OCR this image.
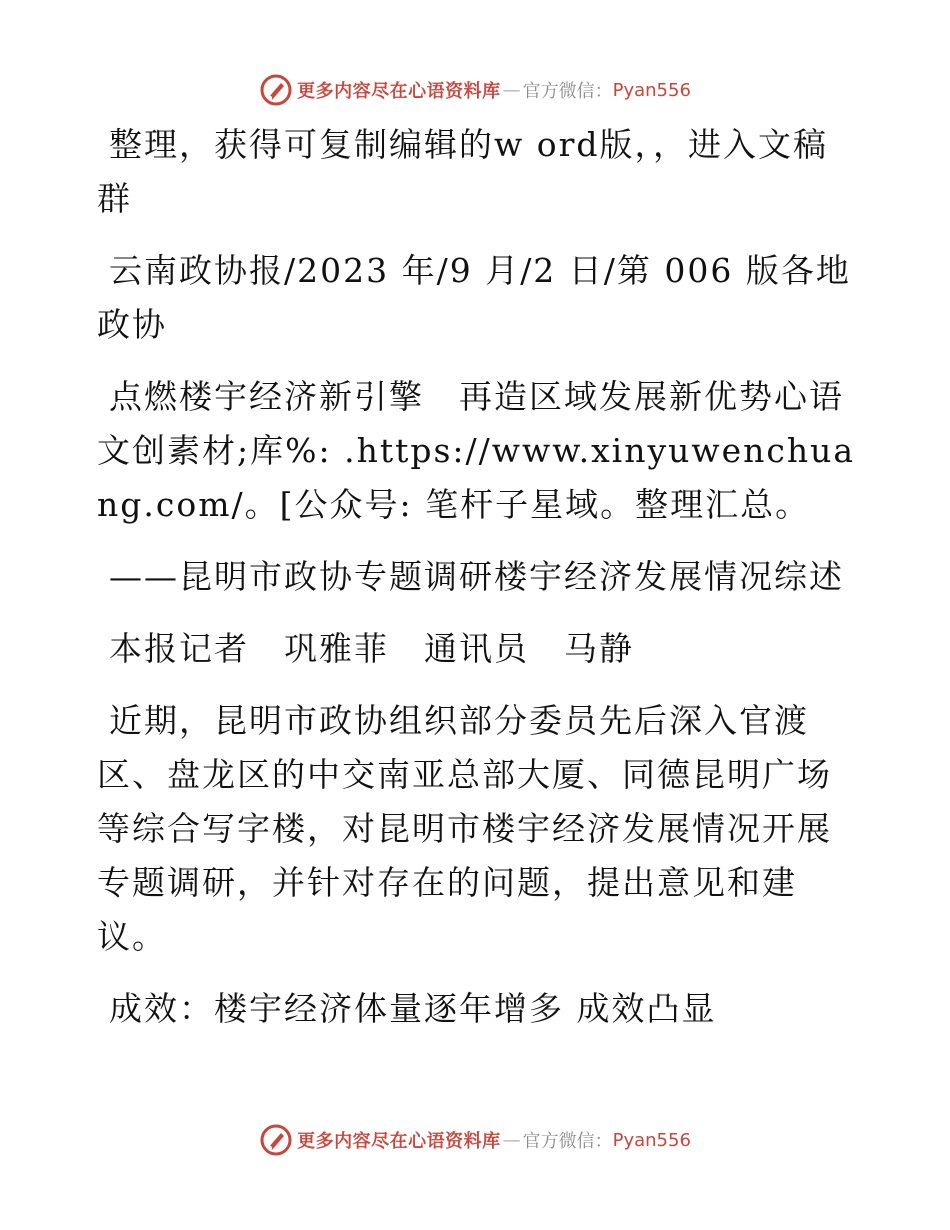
更多内容尽在心语资料库 — 官方微信： Pyan556

整理，获得可复制编辑的w ord版，，进入文稿群

云南政协报/2023 年/9 月/2 日/第 006 版各地政协

点燃楼宇经济新引擎　再造区域发展新优势心语文创素材;库%: .https://www.xinyuwenchuang.com/。[公众号: 笔杆子星域。整理汇总。

——昆明市政协专题调研楼宇经济发展情况综述

本报记者　巩雅菲　通讯员　马静

近期，昆明市政协组织部分委员先后深入官渡区、盘龙区的中交南亚总部大厦、同德昆明广场等综合写字楼，对昆明市楼宇经济发展情况开展专题调研，并针对存在的问题，提出意见和建议。

成效：楼宇经济体量逐年增多 成效凸显

更多内容尽在心语资料库 — 官方微信： Pyan556
